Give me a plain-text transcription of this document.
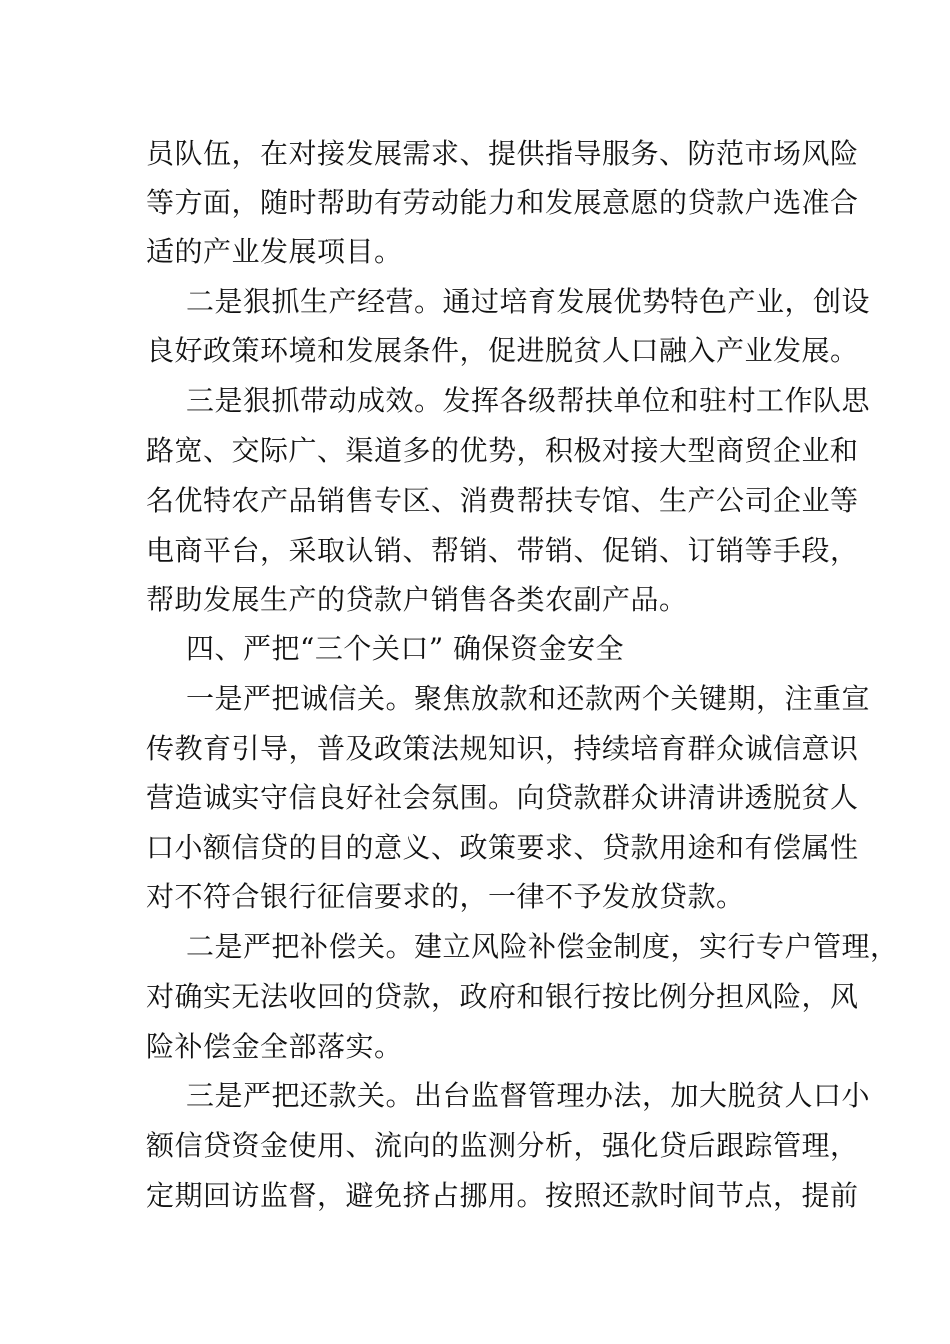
员队伍，在对接发展需求、提供指导服务、防范市场风险
等方面，随时帮助有劳动能力和发展意愿的贷款户选准合
适的产业发展项目。
二是狠抓生产经营。通过培育发展优势特色产业，创设
良好政策环境和发展条件，促进脱贫人口融入产业发展。
三是狠抓带动成效。发挥各级帮扶单位和驻村工作队思
路宽、交际广、渠道多的优势，积极对接大型商贸企业和
名优特农产品销售专区、消费帮扶专馆、生产公司企业等
电商平台，采取认销、帮销、带销、促销、订销等手段，
帮助发展生产的贷款户销售各类农副产品。
四、严把“三个关口” 确保资金安全
一是严把诚信关。聚焦放款和还款两个关键期，注重宣
传教育引导，普及政策法规知识，持续培育群众诚信意识
营造诚实守信良好社会氛围。向贷款群众讲清讲透脱贫人
口小额信贷的目的意义、政策要求、贷款用途和有偿属性
对不符合银行征信要求的，一律不予发放贷款。
二是严把补偿关。建立风险补偿金制度，实行专户管理，
对确实无法收回的贷款，政府和银行按比例分担风险，风
险补偿金全部落实。
三是严把还款关。出台监督管理办法，加大脱贫人口小
额信贷资金使用、流向的监测分析，强化贷后跟踪管理，
定期回访监督，避免挤占挪用。按照还款时间节点，提前
